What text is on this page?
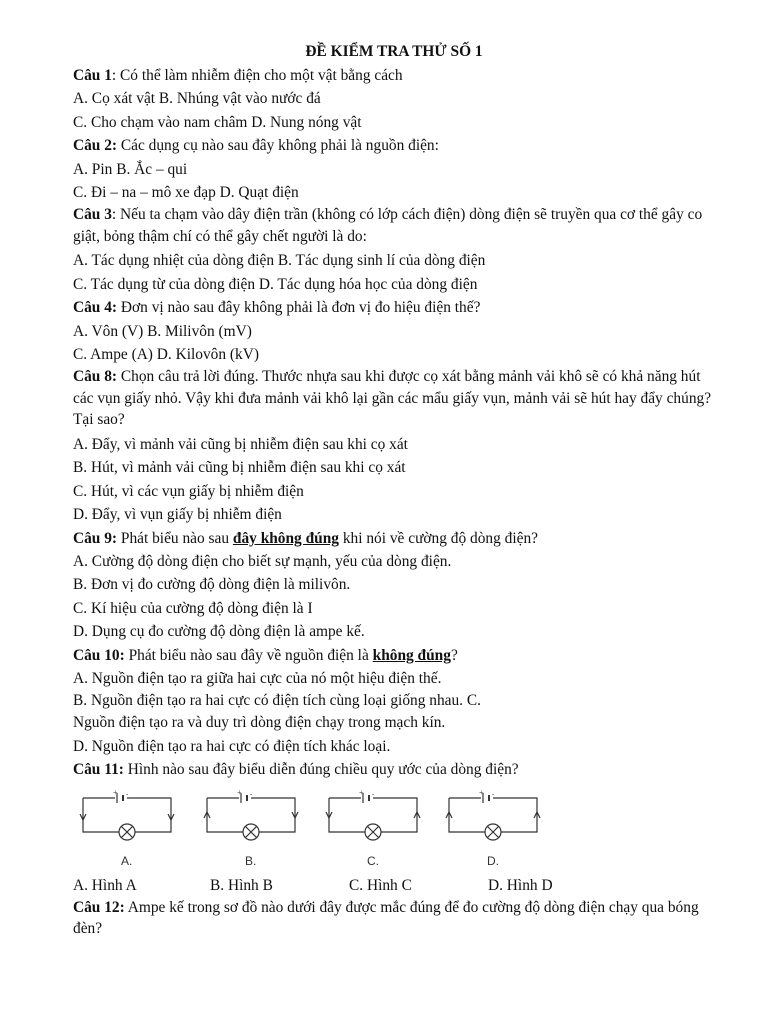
ĐỀ KIỂM TRA THỬ SỐ 1
Câu 1: Có thể làm nhiễm điện cho một vật bằng cách
A. Cọ xát vật B. Nhúng vật vào nước đá
C. Cho chạm vào nam châm D. Nung nóng vật
Câu 2: Các dụng cụ nào sau đây không phải là nguồn điện:
A. Pin B. Ắc – qui
C. Đi – na – mô xe đạp D. Quạt điện
Câu 3: Nếu ta chạm vào dây điện trần (không có lớp cách điện) dòng điện sẽ truyền qua cơ thể gây co giật, bỏng thậm chí có thể gây chết người là do:
A. Tác dụng nhiệt của dòng điện B. Tác dụng sinh lí của dòng điện
C. Tác dụng từ của dòng điện D. Tác dụng hóa học của dòng điện
Câu 4: Đơn vị nào sau đây không phải là đơn vị đo hiệu điện thế?
A. Vôn (V) B. Milivôn (mV)
C. Ampe (A) D. Kilovôn (kV)
Câu 8: Chọn câu trả lời đúng. Thước nhựa sau khi được cọ xát bằng mảnh vải khô sẽ có khả năng hút các vụn giấy nhỏ. Vậy khi đưa mảnh vải khô lại gần các mẩu giấy vụn, mảnh vải sẽ hút hay đẩy chúng?Tại sao?
A. Đẩy, vì mảnh vải cũng bị nhiễm điện sau khi cọ xát
B. Hút, vì mảnh vải cũng bị nhiễm điện sau khi cọ xát
C. Hút, vì các vụn giấy bị nhiễm điện
D. Đẩy, vì vụn giấy bị nhiễm điện
Câu 9: Phát biểu nào sau đây không đúng khi nói về cường độ dòng điện?
A. Cường độ dòng điện cho biết sự mạnh, yếu của dòng điện.
B. Đơn vị đo cường độ dòng điện là milivôn.
C. Kí hiệu của cường độ dòng điện là I
D. Dụng cụ đo cường độ dòng điện là ampe kế.
Câu 10: Phát biểu nào sau đây về nguồn điện là không đúng?
A. Nguồn điện tạo ra giữa hai cực của nó một hiệu điện thế.
B. Nguồn điện tạo ra hai cực có điện tích cùng loại giống nhau. C.
Nguồn điện tạo ra và duy trì dòng điện chạy trong mạch kín.
D. Nguồn điện tạo ra hai cực có điện tích khác loại.
Câu 11: Hình nào sau đây biểu diễn đúng chiều quy ước của dòng điện?
+ -
A.
+ -
B.
+ -
C.
+ -
D.
A. Hình A	B. Hình B	C. Hình C	D. Hình D
Câu 12: Ampe kế trong sơ đồ nào dưới đây được mắc đúng để đo cường độ dòng điện chạy qua bóng đèn?
